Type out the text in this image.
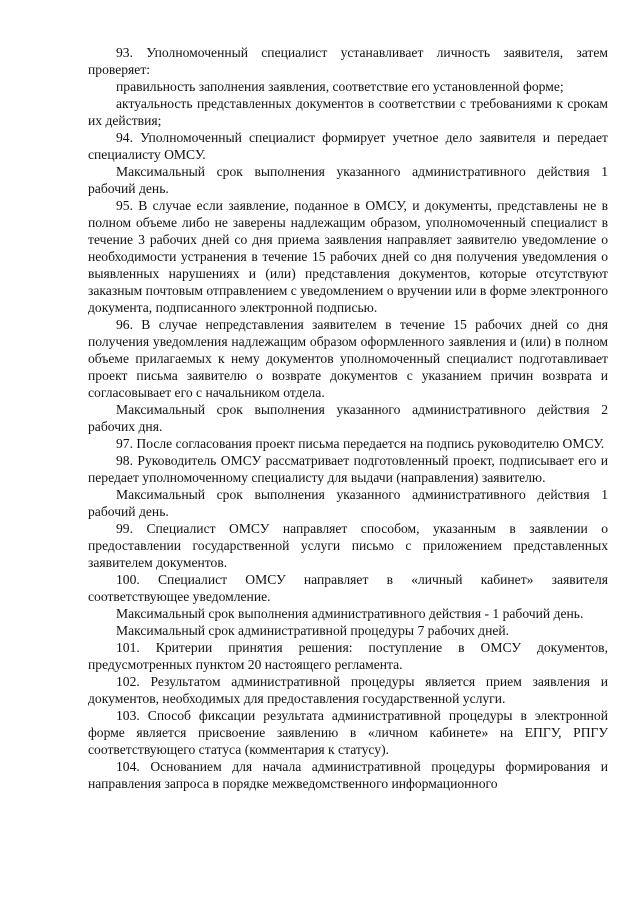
93. Уполномоченный специалист устанавливает личность заявителя, затем проверяет:

правильность заполнения заявления, соответствие его установленной форме;

актуальность представленных документов в соответствии с требованиями к срокам их действия;

94. Уполномоченный специалист формирует учетное дело заявителя и передает специалисту ОМСУ.

Максимальный срок выполнения указанного административного действия 1 рабочий день.

95. В случае если заявление, поданное в ОМСУ, и документы, представлены не в полном объеме либо не заверены надлежащим образом, уполномоченный специалист в течение 3 рабочих дней со дня приема заявления направляет заявителю уведомление о необходимости устранения в течение 15 рабочих дней со дня получения уведомления о выявленных нарушениях и (или) представления документов, которые отсутствуют заказным почтовым отправлением с уведомлением о вручении или в форме электронного документа, подписанного электронной подписью.

96. В случае непредставления заявителем в течение 15 рабочих дней со дня получения уведомления надлежащим образом оформленного заявления и (или) в полном объеме прилагаемых к нему документов уполномоченный специалист подготавливает проект письма заявителю о возврате документов с указанием причин возврата и согласовывает его с начальником отдела.

Максимальный срок выполнения указанного административного действия 2 рабочих дня.

97. После согласования проект письма передается на подпись руководителю ОМСУ.

98. Руководитель ОМСУ рассматривает подготовленный проект, подписывает его и передает уполномоченному специалисту для выдачи (направления) заявителю.

Максимальный срок выполнения указанного административного действия 1 рабочий день.

99. Специалист ОМСУ направляет способом, указанным в заявлении о предоставлении государственной услуги письмо с приложением представленных заявителем документов.

100. Специалист ОМСУ направляет в «личный кабинет» заявителя соответствующее уведомление.

Максимальный срок выполнения административного действия - 1 рабочий день.

Максимальный срок административной процедуры 7 рабочих дней.

101. Критерии принятия решения: поступление в ОМСУ документов, предусмотренных пунктом 20 настоящего регламента.

102. Результатом административной процедуры является прием заявления и документов, необходимых для предоставления государственной услуги.

103. Способ фиксации результата административной процедуры в электронной форме является присвоение заявлению в «личном кабинете» на ЕПГУ, РПГУ соответствующего статуса (комментария к статусу).

104. Основанием для начала административной процедуры формирования и направления запроса в порядке межведомственного информационного
